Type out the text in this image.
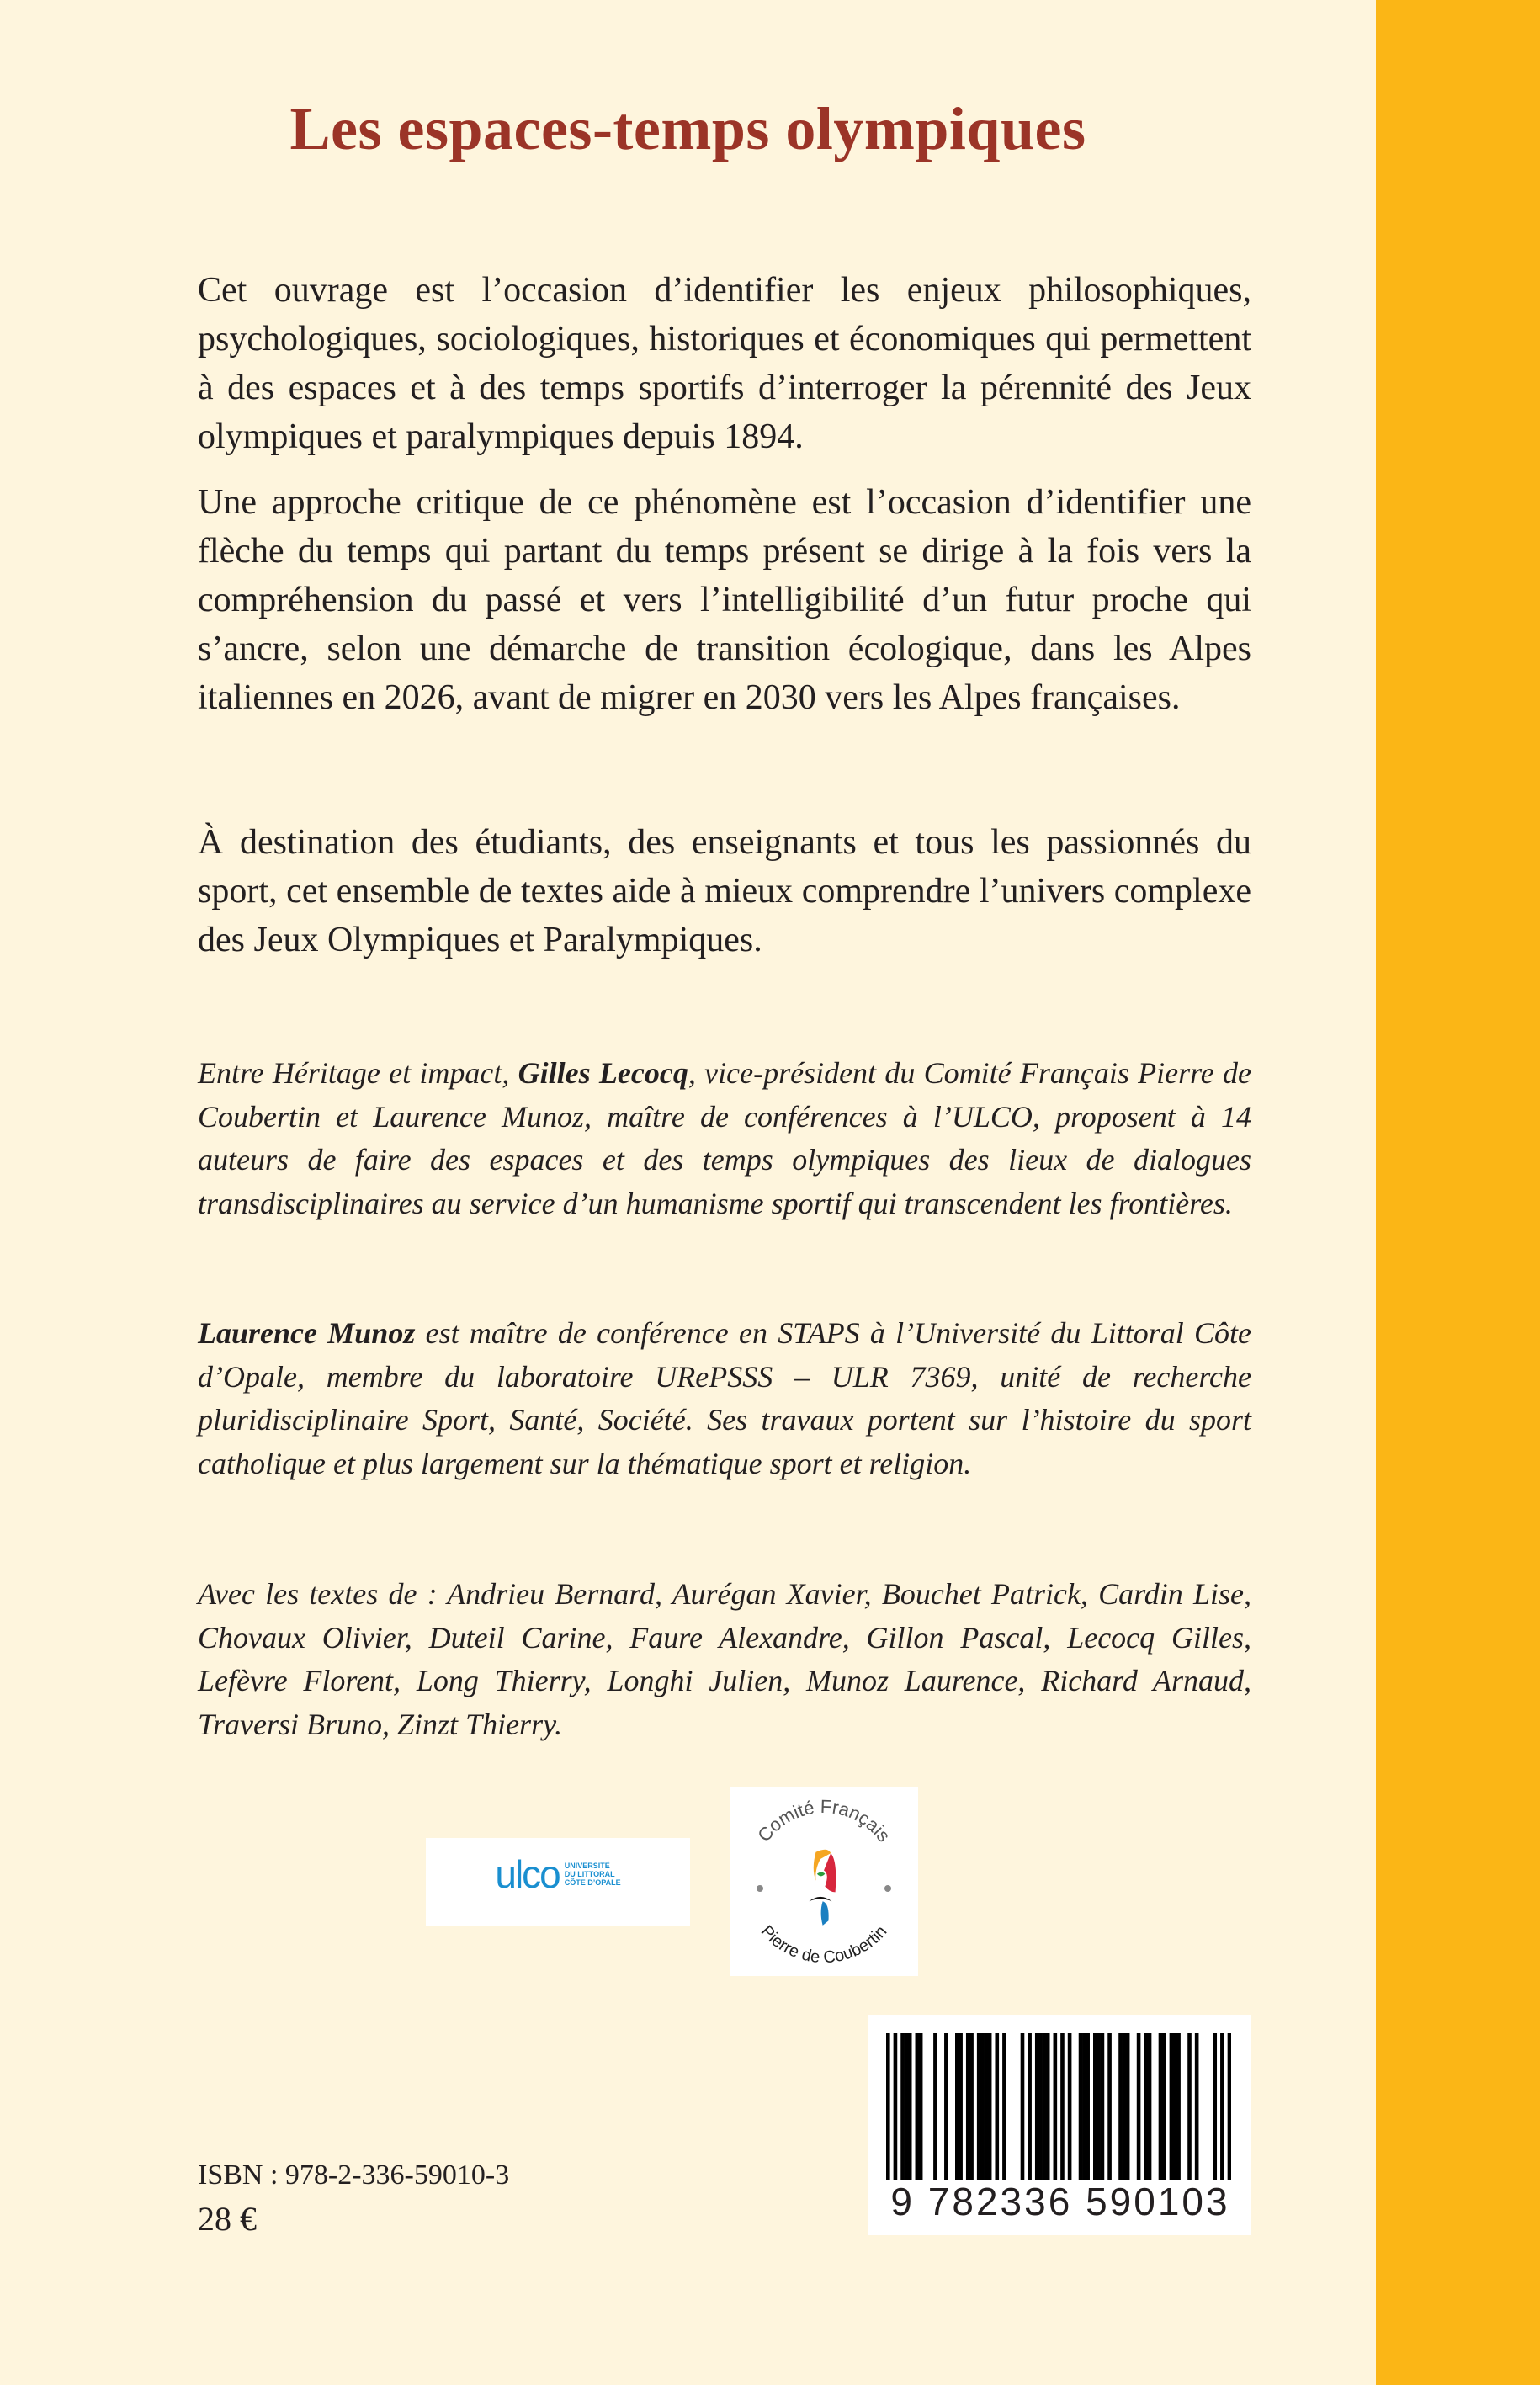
Les espaces-temps olympiques

Cet ouvrage est l’occasion d’identifier les enjeux philosophiques, psychologiques, sociologiques, historiques et économiques qui permettent à des espaces et à des temps sportifs d’interroger la pérennité des Jeux olympiques et paralympiques depuis 1894.

Une approche critique de ce phénomène est l’occasion d’identifier une flèche du temps qui partant du temps présent se dirige à la fois vers la compréhension du passé et vers l’intelligibilité d’un futur proche qui s’ancre, selon une démarche de transition écologique, dans les Alpes italiennes en 2026, avant de migrer en 2030 vers les Alpes françaises.

À destination des étudiants, des enseignants et tous les passionnés du sport, cet ensemble de textes aide à mieux comprendre l’univers complexe des Jeux Olympiques et Paralympiques.

Entre Héritage et impact, Gilles Lecocq, vice-président du Comité Français Pierre de Coubertin et Laurence Munoz, maître de conférences à l’ULCO, proposent à 14 auteurs de faire des espaces et des temps olympiques des lieux de dialogues transdisciplinaires au service d’un humanisme sportif qui transcendent les frontières.

Laurence Munoz est maître de conférence en STAPS à l’Université du Littoral Côte d’Opale, membre du laboratoire URePSSS – ULR 7369, unité de recherche pluridisciplinaire Sport, Santé, Société. Ses travaux portent sur l’histoire du sport catholique et plus largement sur la thématique sport et religion.

Avec les textes de : Andrieu Bernard, Aurégan Xavier, Bouchet Patrick, Cardin Lise, Chovaux Olivier, Duteil Carine, Faure Alexandre, Gillon Pascal, Lecocq Gilles, Lefèvre Florent, Long Thierry, Longhi Julien, Munoz Laurence, Richard Arnaud, Traversi Bruno, Zinzt Thierry.

ulco UNIVERSITÉ
DU LITTORAL
CÔTE D’OPALE
Comité Français
Pierre de Coubertin
9 782336 590103
ISBN : 978-2-336-59010-3
28 €
